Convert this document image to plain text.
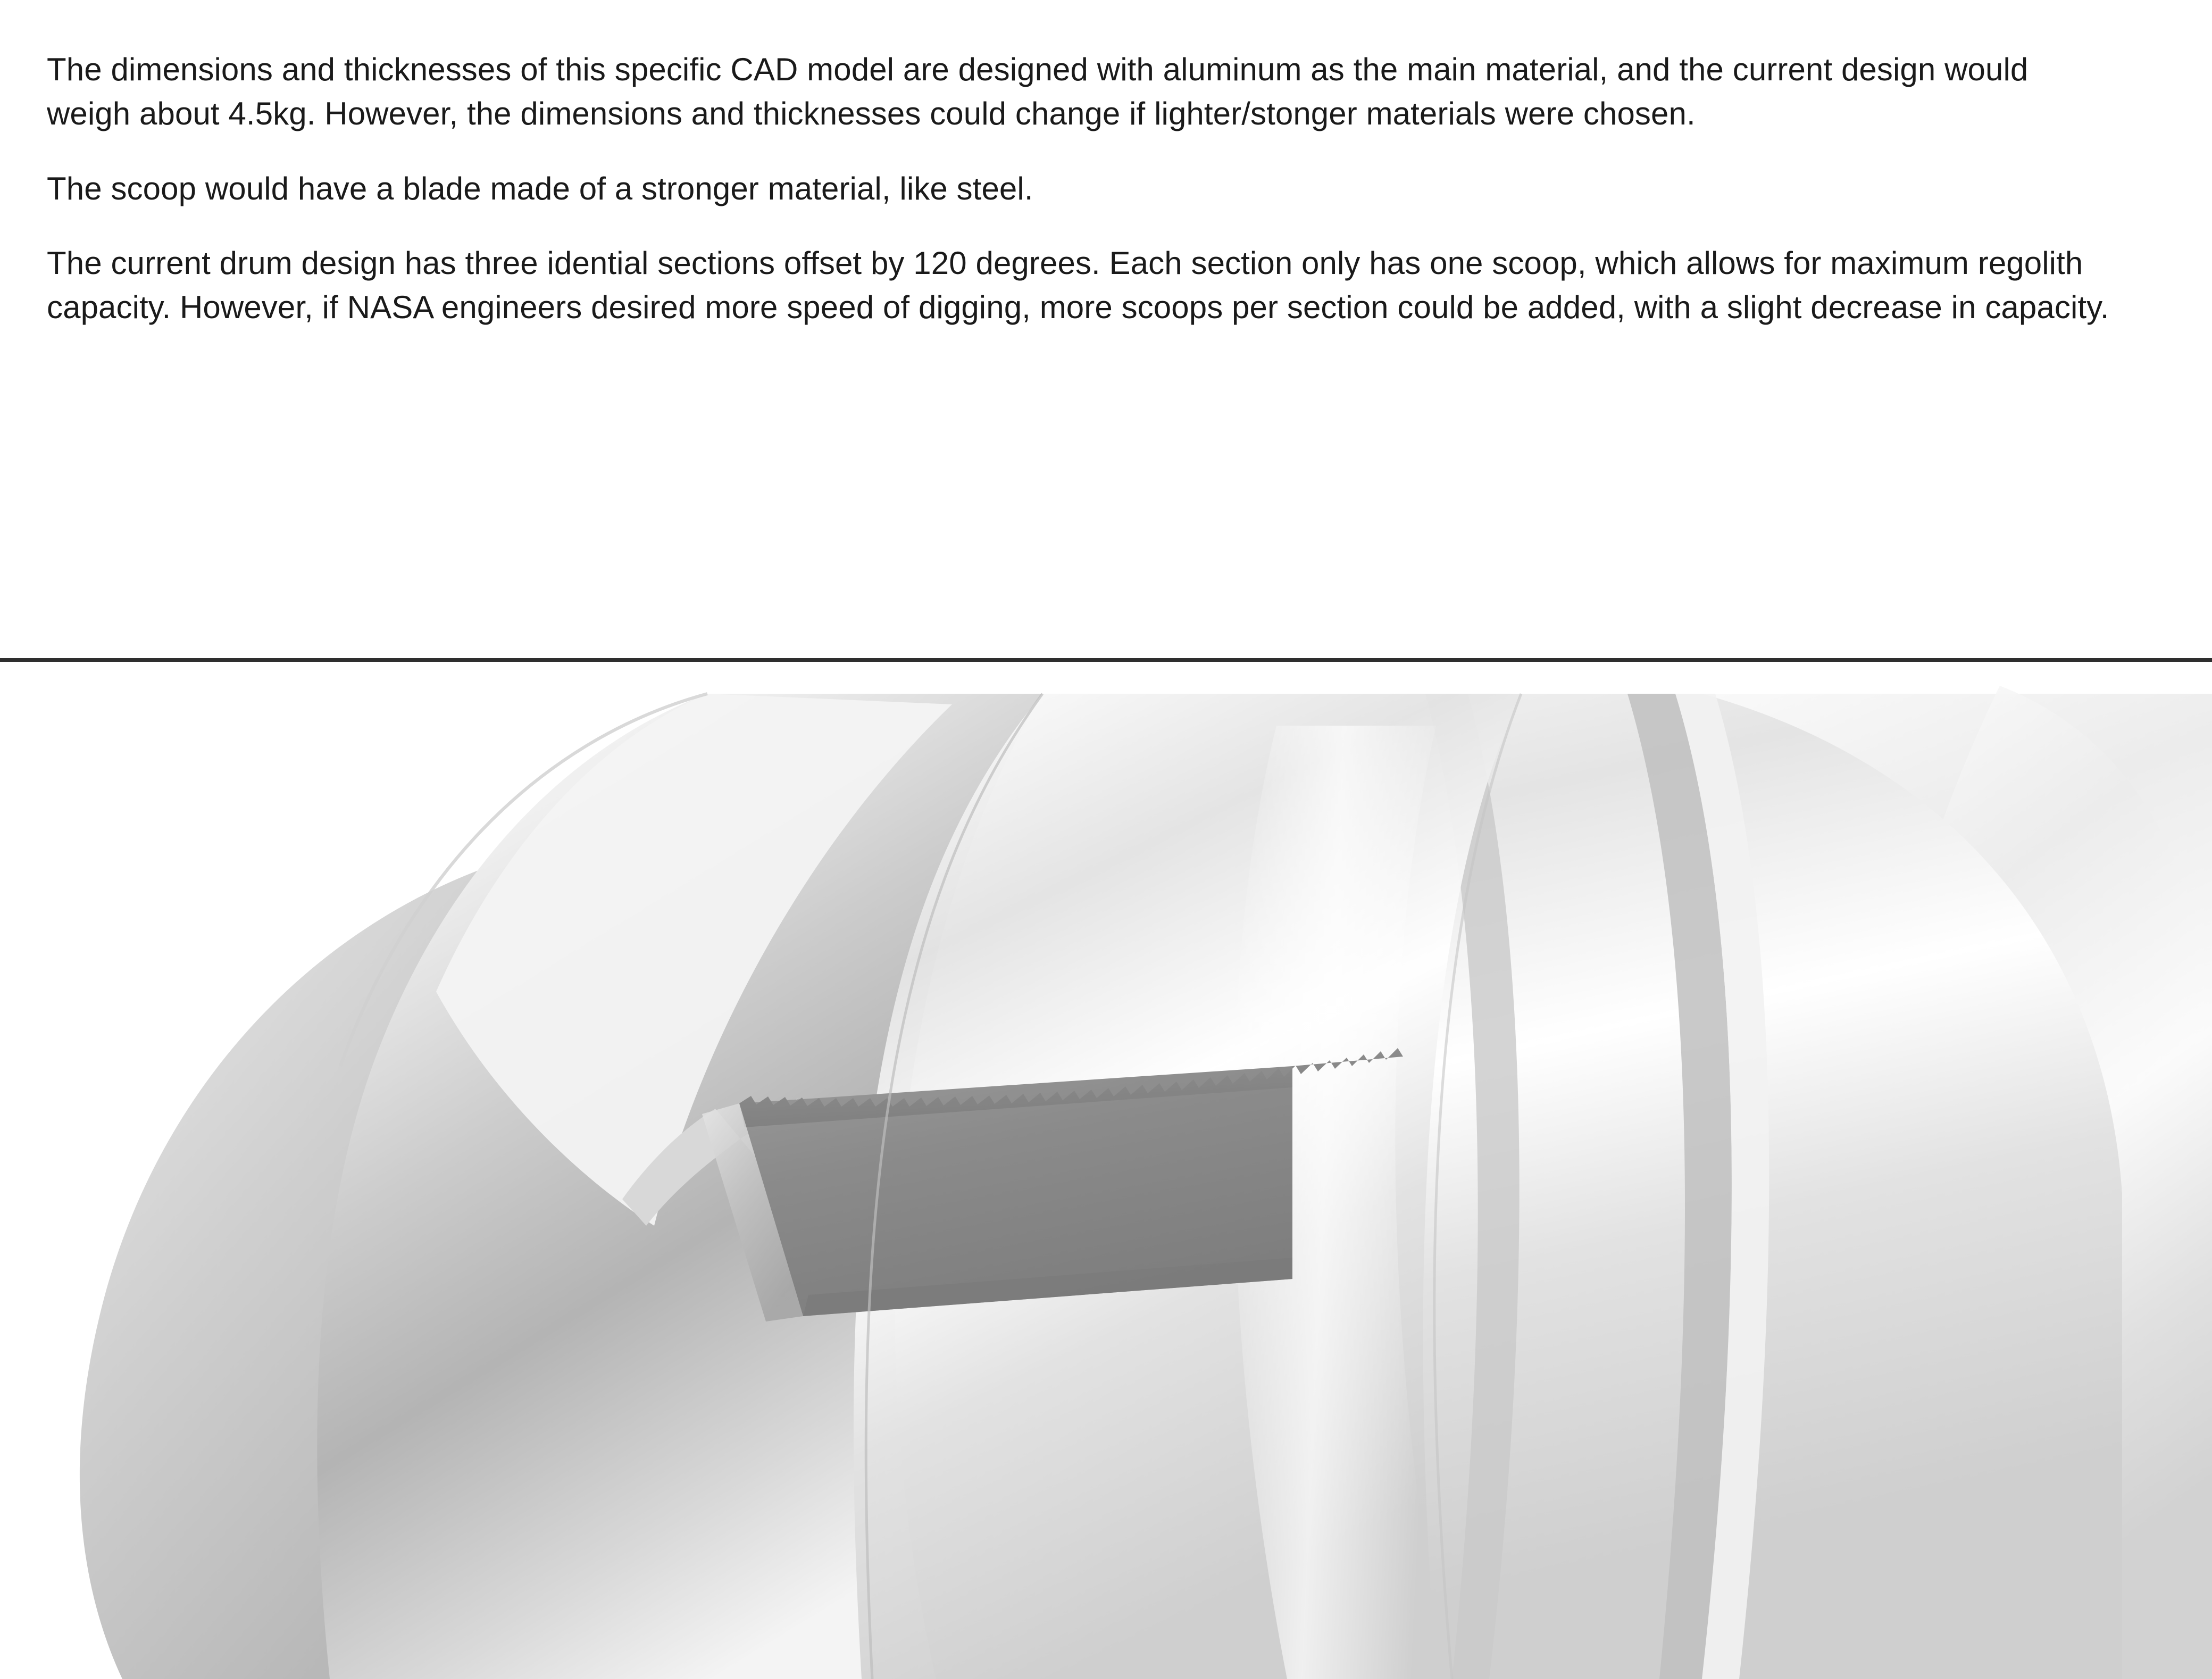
The dimensions and thicknesses of this specific CAD model are designed with aluminum as the main material, and the current design would weigh about 4.5kg. However, the dimensions and thicknesses could change if lighter/stonger materials were chosen.

The scoop would have a blade made of a stronger material, like steel.

The current drum design has three idential sections offset by 120 degrees. Each section only has one scoop, which allows for maximum regolith capacity. However, if NASA engineers desired more speed of digging, more scoops per section could be added, with a slight decrease in capacity.
